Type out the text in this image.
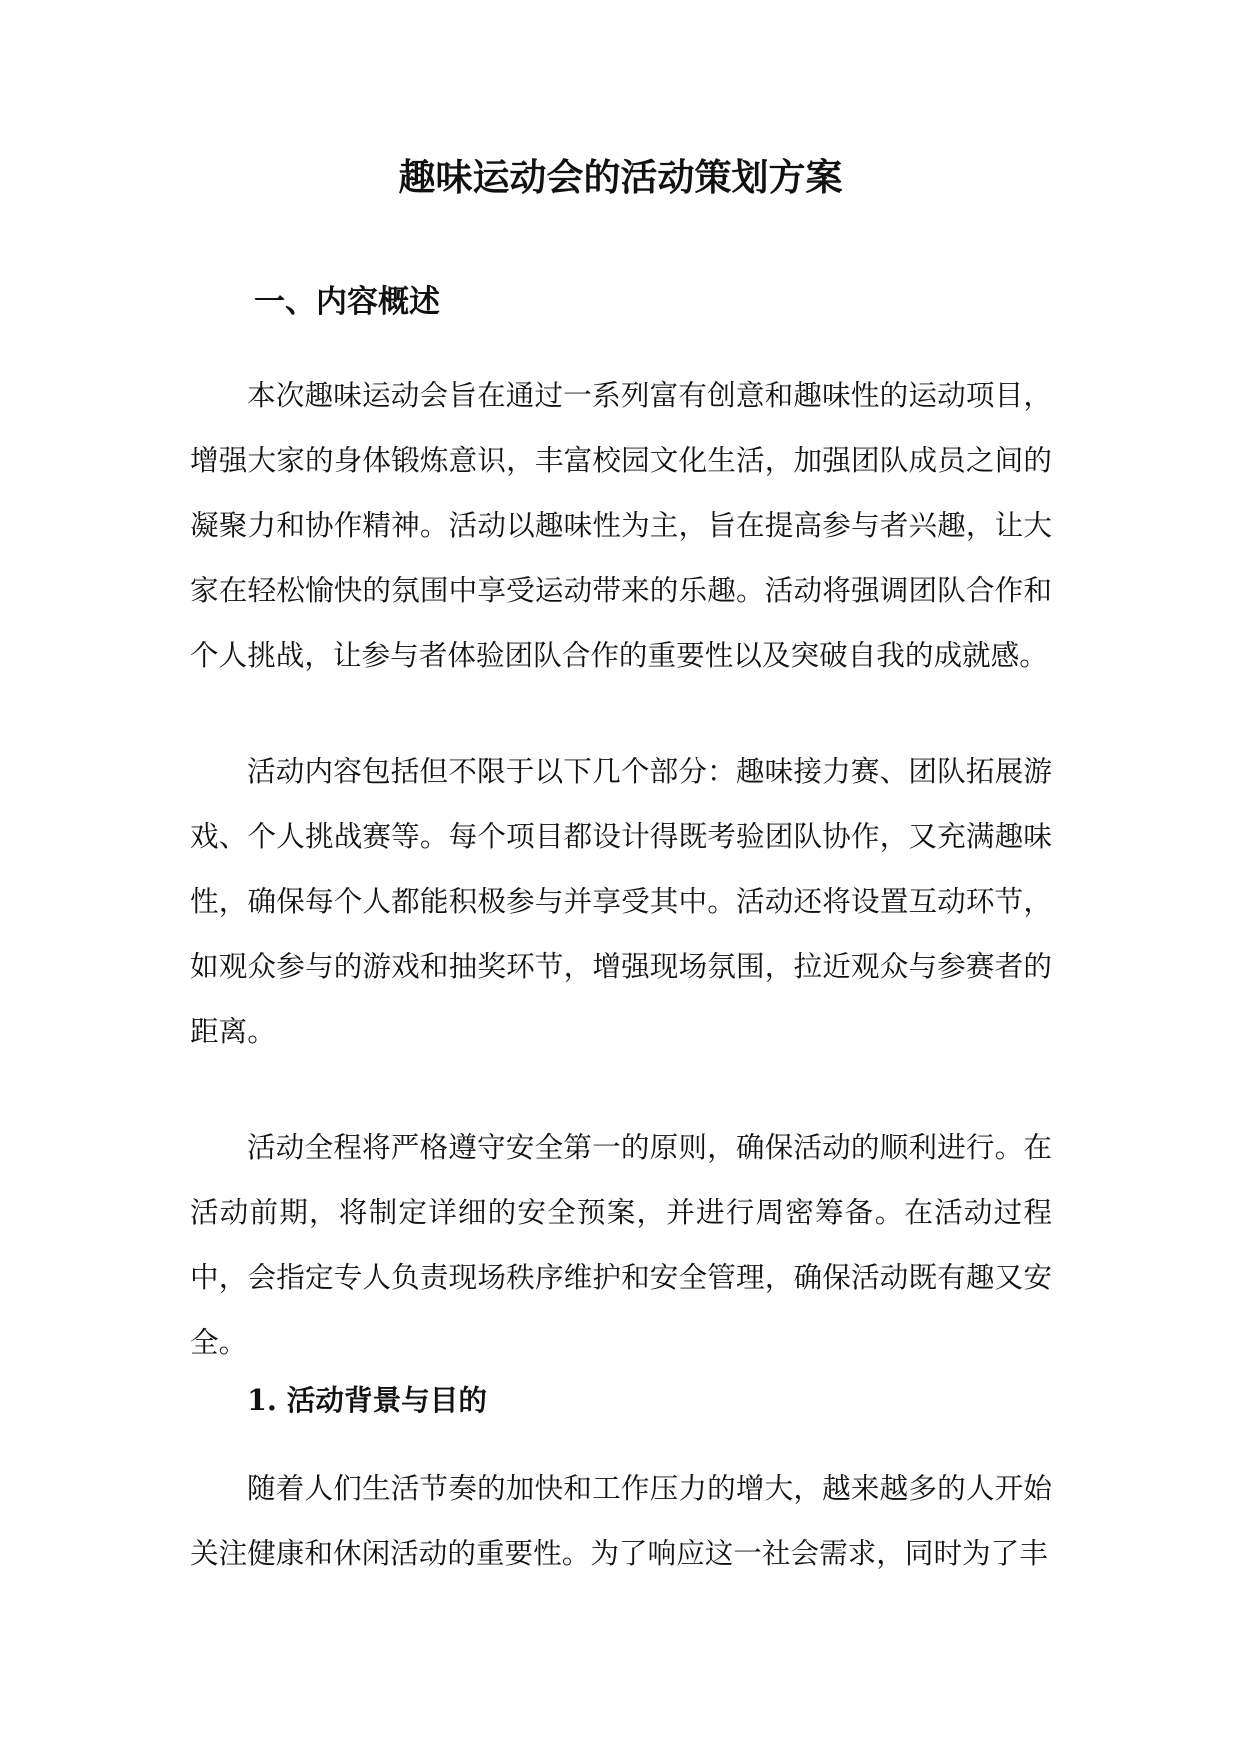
趣味运动会的活动策划方案
一、内容概述

本次趣味运动会旨在通过一系列富有创意和趣味性的运动项目，增强大家的身体锻炼意识，丰富校园文化生活，加强团队成员之间的凝聚力和协作精神。活动以趣味性为主，旨在提高参与者兴趣，让大家在轻松愉快的氛围中享受运动带来的乐趣。活动将强调团队合作和个人挑战，让参与者体验团队合作的重要性以及突破自我的成就感。

活动内容包括但不限于以下几个部分：趣味接力赛、团队拓展游戏、个人挑战赛等。每个项目都设计得既考验团队协作，又充满趣味性，确保每个人都能积极参与并享受其中。活动还将设置互动环节，如观众参与的游戏和抽奖环节，增强现场氛围，拉近观众与参赛者的距离。

活动全程将严格遵守安全第一的原则，确保活动的顺利进行。在活动前期，将制定详细的安全预案，并进行周密筹备。在活动过程中，会指定专人负责现场秩序维护和安全管理，确保活动既有趣又安全。

1. 活动背景与目的

随着人们生活节奏的加快和工作压力的增大，越来越多的人开始关注健康和休闲活动的重要性。为了响应这一社会需求，同时为了丰
